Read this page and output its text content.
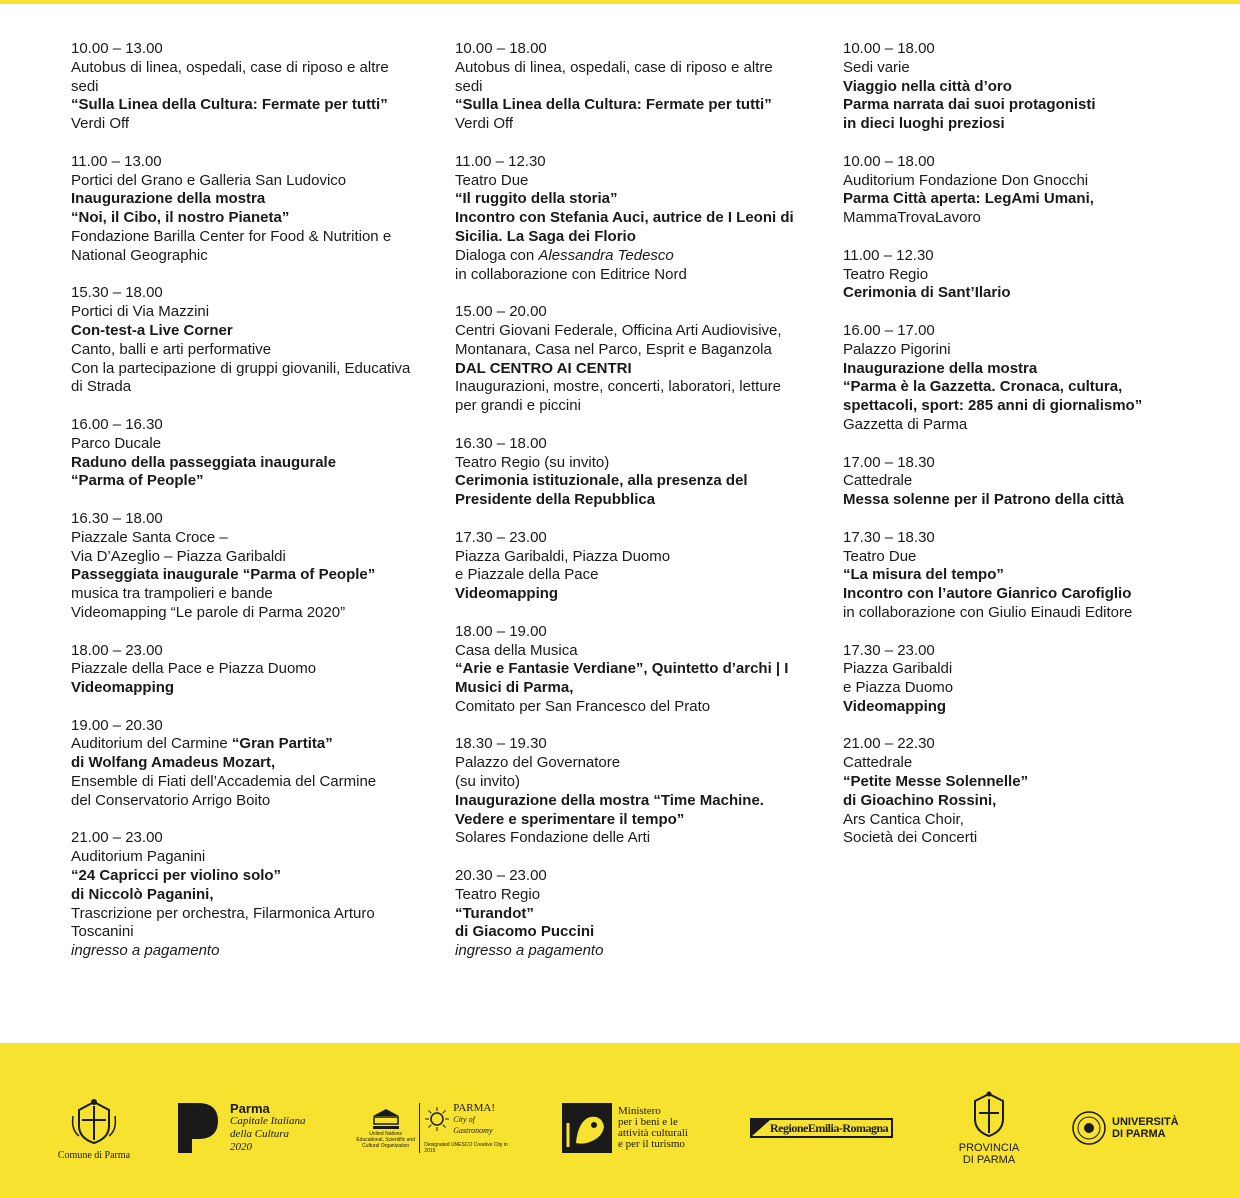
10.00 – 13.00
Autobus di linea, ospedali, case di riposo e altre sedi
“Sulla Linea della Cultura: Fermate per tutti”
Verdi Off
11.00 – 13.00
Portici del Grano e Galleria San Ludovico
Inaugurazione della mostra
“Noi, il Cibo, il nostro Pianeta”
Fondazione Barilla Center for Food & Nutrition e National Geographic
15.30 – 18.00
Portici di Via Mazzini
Con-test-a Live Corner
Canto, balli e arti performative
Con la partecipazione di gruppi giovanili, Educativa di Strada
16.00 – 16.30
Parco Ducale
Raduno della passeggiata inaugurale
“Parma of People”
16.30 – 18.00
Piazzale Santa Croce –
Via D’Azeglio – Piazza Garibaldi
Passeggiata inaugurale “Parma of People”
musica tra trampolieri e bande
Videomapping “Le parole di Parma 2020”
18.00 – 23.00
Piazzale della Pace e Piazza Duomo
Videomapping
19.00 – 20.30
Auditorium del Carmine “Gran Partita”
di Wolfang Amadeus Mozart,
Ensemble di Fiati dell’Accademia del Carmine
del Conservatorio Arrigo Boito
21.00 – 23.00
Auditorium Paganini
“24 Capricci per violino solo”
di Niccolò Paganini,
Trascrizione per orchestra, Filarmonica Arturo Toscanini
ingresso a pagamento
10.00 – 18.00
Autobus di linea, ospedali, case di riposo e altre sedi
“Sulla Linea della Cultura: Fermate per tutti”
Verdi Off
11.00 – 12.30
Teatro Due
“Il ruggito della storia”
Incontro con Stefania Auci, autrice de I Leoni di Sicilia. La Saga dei Florio
Dialoga con Alessandra Tedesco
in collaborazione con Editrice Nord
15.00 – 20.00
Centri Giovani Federale, Officina Arti Audiovisive, Montanara, Casa nel Parco, Esprit e Baganzola
DAL CENTRO AI CENTRI
Inaugurazioni, mostre, concerti, laboratori, letture per grandi e piccini
16.30 – 18.00
Teatro Regio (su invito)
Cerimonia istituzionale, alla presenza del Presidente della Repubblica
17.30 – 23.00
Piazza Garibaldi, Piazza Duomo
e Piazzale della Pace
Videomapping
18.00 – 19.00
Casa della Musica
“Arie e Fantasie Verdiane”, Quintetto d’archi | I Musici di Parma,
Comitato per San Francesco del Prato
18.30 – 19.30
Palazzo del Governatore
(su invito)
Inaugurazione della mostra “Time Machine. Vedere e sperimentare il tempo”
Solares Fondazione delle Arti
20.30 – 23.00
Teatro Regio
“Turandot”
di Giacomo Puccini
ingresso a pagamento
10.00 – 18.00
Sedi varie
Viaggio nella città d’oro
Parma narrata dai suoi protagonisti
in dieci luoghi preziosi
10.00 – 18.00
Auditorium Fondazione Don Gnocchi
Parma Città aperta: LegAmi Umani,
MammaTrovaLavoro
11.00 – 12.30
Teatro Regio
Cerimonia di Sant’Ilario
16.00 – 17.00
Palazzo Pigorini
Inaugurazione della mostra
“Parma è la Gazzetta. Cronaca, cultura, spettacoli, sport: 285 anni di giornalismo”
Gazzetta di Parma
17.00 – 18.30
Cattedrale
Messa solenne per il Patrono della città
17.30 – 18.30
Teatro Due
“La misura del tempo”
Incontro con l’autore Gianrico Carofiglio
in collaborazione con Giulio Einaudi Editore
17.30 – 23.00
Piazza Garibaldi
e Piazza Duomo
Videomapping
21.00 – 22.30
Cattedrale
“Petite Messe Solennelle”
di Gioachino Rossini,
Ars Cantica Choir,
Società dei Concerti
Comune di Parma
Parma
Capitale Italiana
della Cultura
2020
United Nations Educational, Scientific and Cultural Organization
PARMA!
City of Gastronomy
Designated UNESCO Creative City in 2015
Ministero
per i beni e le
attività culturali
e per il turismo
RegioneEmilia-Romagna
PROVINCIA
DI PARMA
UNIVERSITÀ
DI PARMA
